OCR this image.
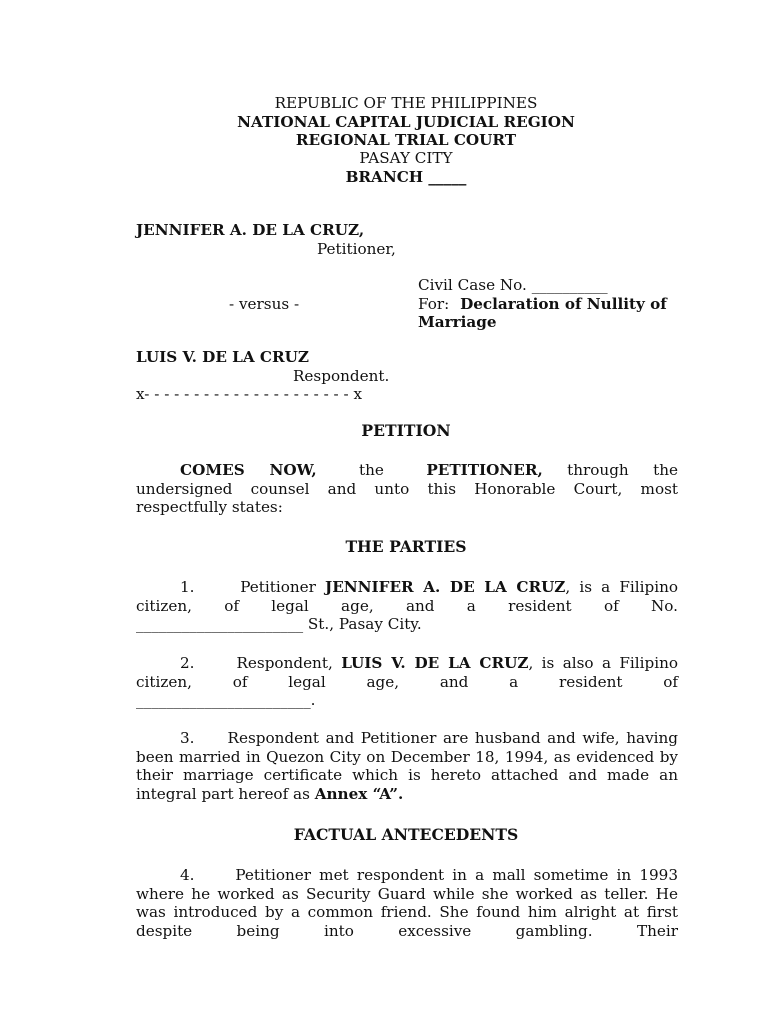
REPUBLIC OF THE PHILIPPINES
NATIONAL CAPITAL JUDICIAL REGION
REGIONAL TRIAL COURT
PASAY CITY
BRANCH _____
JENNIFER A. DE LA CRUZ,
Petitioner,
Civil Case No. __________
- versus -	For: Declaration of Nullity of
Marriage
LUIS V. DE LA CRUZ
Respondent.
x- - - - - - - - - - - - - - - - - - - - - x
PETITION

COMES NOW,	the	PETITIONER, through the undersigned counsel and unto this Honorable Court, most respectfully states:

THE PARTIES

1.	Petitioner JENNIFER A. DE LA CRUZ, is a Filipino citizen, of legal age, and a resident of No.

______________________ St., Pasay City.

2.	Respondent, LUIS V. DE LA CRUZ, is also a Filipino citizen, of legal age, and a resident of

_______________________.

3. Respondent and Petitioner are husband and wife, having been married in Quezon City on December 18, 1994, as evidenced by their marriage certificate which is hereto attached and made an integral part hereof as Annex “A”.

FACTUAL ANTECEDENTS

4.	Petitioner met respondent in a mall sometime in 1993 where he worked as Security Guard while she worked as teller. He was introduced by a common friend. She found him alright at first despite being into excessive gambling. Their
